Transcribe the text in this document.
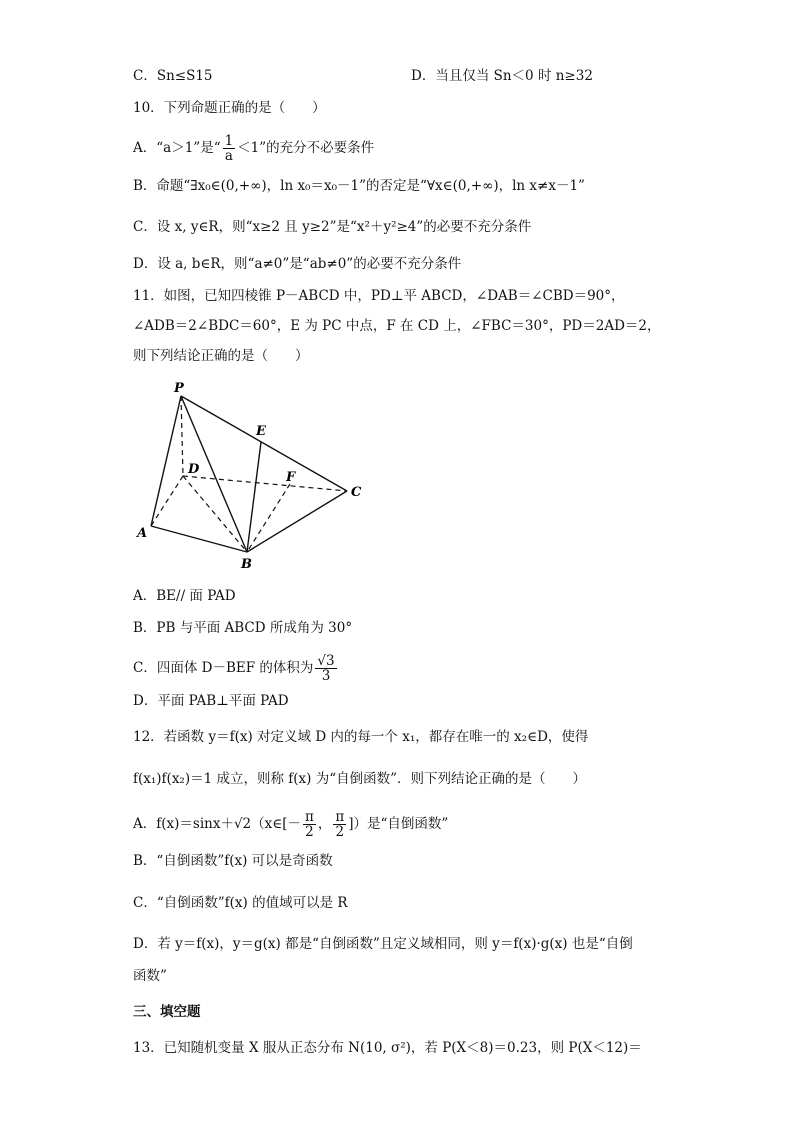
C．Sn≤S15	D．当且仅当 Sn＜0 时 n≥32
10．下列命题正确的是（　　）
A．“a＞1”是“ $\frac{1}{a} <1$”的充分不必要条件
B．命题“∃x₀∈(0,+∞)，ln x₀＝x₀－1”的否定是“∀x∈(0,+∞)，ln x≠x－1”
C．设 x, y∈R，则“x≥2 且 y≥2”是“x²＋y²≥4”的必要不充分条件
D．设 a, b∈R，则“a≠0”是“ab≠0”的必要不充分条件
11．如图，已知四棱锥 P－ABCD 中，PD⊥平 ABCD，∠DAB＝∠CBD＝90°，
∠ADB＝2∠BDC＝60°，E 为 PC 中点，F 在 CD 上，∠FBC＝30°，PD＝2AD＝2，
则下列结论正确的是（　　）
P
E
D
F
C
A
B
A．BE// 面 PAD
B．PB 与平面 ABCD 所成角为 30°
C．四面体 D－BEF 的体积为 $\frac{√3}{3}$
D．平面 PAB⊥平面 PAD
12．若函数 y＝f(x) 对定义域 D 内的每一个 x₁，都存在唯一的 x₂∈D，使得
f(x₁)f(x₂)＝1 成立，则称 f(x) 为“自倒函数”．则下列结论正确的是（　　）
A．f(x)＝sinx＋√2（x∈[－ $\frac{\pi}{2}$ ， $\frac{\pi}{2}$ ]）是“自倒函数”
B．“自倒函数”f(x) 可以是奇函数
C．“自倒函数”f(x) 的值域可以是 R
D．若 y＝f(x)，y＝g(x) 都是“自倒函数”且定义域相同，则 y＝f(x)·g(x) 也是“自倒
函数”
三、填空题
13．已知随机变量 X 服从正态分布 N(10, σ²)，若 P(X＜8)＝0.23，则 P(X＜12)＝
